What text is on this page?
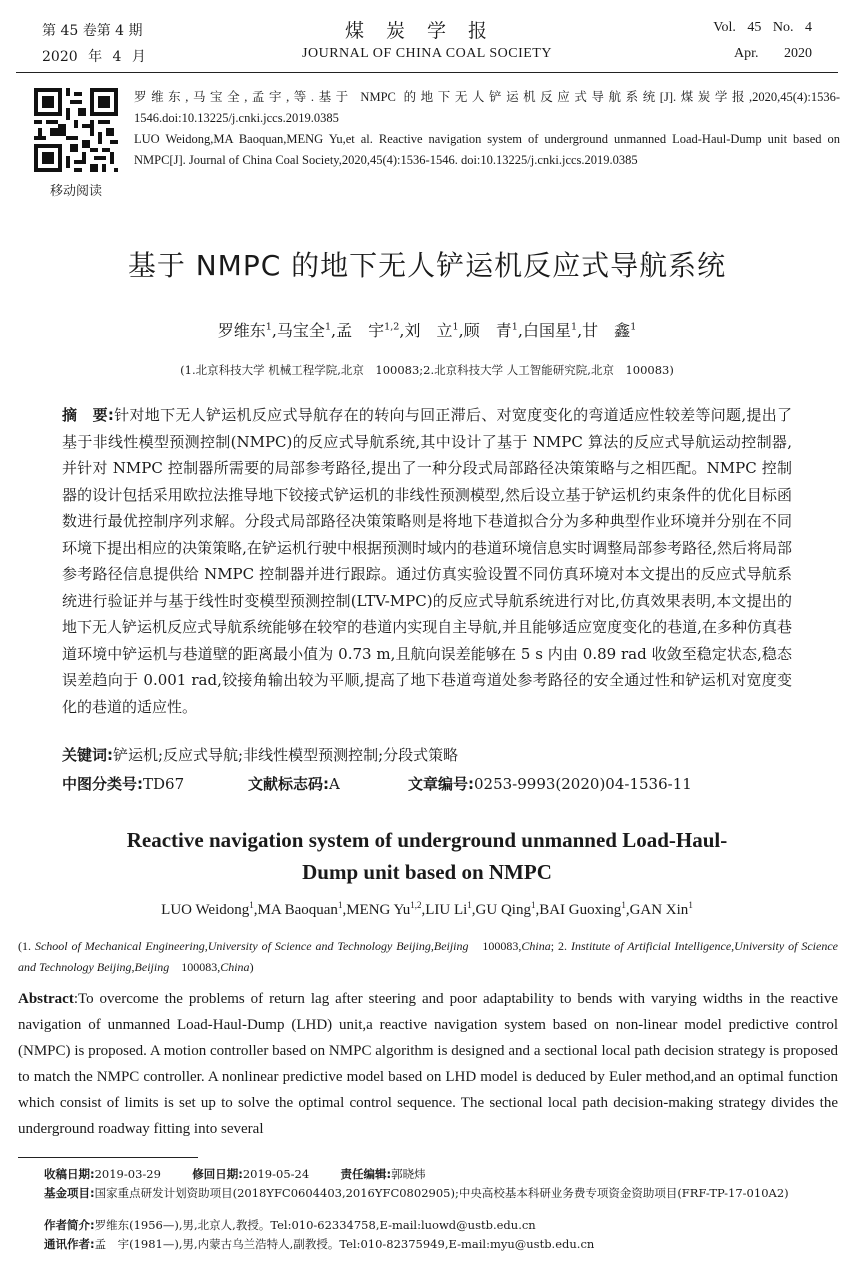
第 45 卷第 4 期
2020 年 4 月
煤炭学报
JOURNAL OF CHINA COAL SOCIETY
Vol. 45 No. 4
Apr. 2020
移动阅读
罗维东,马宝全,孟宇,等.基于 NMPC 的地下无人铲运机反应式导航系统[J].煤炭学报,2020,45(4):1536-1546.doi:10.13225/j.cnki.jccs.2019.0385
LUO Weidong,MA Baoquan,MENG Yu,et al. Reactive navigation system of underground unmanned Load-Haul-Dump unit based on NMPC[J]. Journal of China Coal Society,2020,45(4):1536-1546. doi:10.13225/j.cnki.jccs.2019.0385
基于 NMPC 的地下无人铲运机反应式导航系统
罗维东$^1$,马宝全$^1$,孟　宇$^{1,2}$,刘　立$^1$,顾　青$^1$,白国星$^1$,甘　鑫$^1$
(1.北京科技大学 机械工程学院,北京　100083;2.北京科技大学 人工智能研究院,北京　100083)
摘　要:针对地下无人铲运机反应式导航存在的转向与回正滞后、对宽度变化的弯道适应性较差等问题,提出了基于非线性模型预测控制(NMPC)的反应式导航系统,其中设计了基于 NMPC 算法的反应式导航运动控制器,并针对 NMPC 控制器所需要的局部参考路径,提出了一种分段式局部路径决策策略与之相匹配。NMPC 控制器的设计包括采用欧拉法推导地下铰接式铲运机的非线性预测模型,然后设立基于铲运机约束条件的优化目标函数进行最优控制序列求解。分段式局部路径决策策略则是将地下巷道拟合分为多种典型作业环境并分别在不同环境下提出相应的决策策略,在铲运机行驶中根据预测时域内的巷道环境信息实时调整局部参考路径,然后将局部参考路径信息提供给 NMPC 控制器并进行跟踪。通过仿真实验设置不同仿真环境对本文提出的反应式导航系统进行验证并与基于线性时变模型预测控制(LTV-MPC)的反应式导航系统进行对比,仿真效果表明,本文提出的地下无人铲运机反应式导航系统能够在较窄的巷道内实现自主导航,并且能够适应宽度变化的巷道,在多种仿真巷道环境中铲运机与巷道壁的距离最小值为 0.73 m,且航向误差能够在 5 s 内由 0.89 rad 收敛至稳定状态,稳态误差趋向于 0.001 rad,铰接角输出较为平顺,提高了地下巷道弯道处参考路径的安全通过性和铲运机对宽度变化的巷道的适应性。
关键词:铲运机;反应式导航;非线性模型预测控制;分段式策略
中图分类号:TD67	文献标志码:A	文章编号:0253-9993(2020)04-1536-11
Reactive navigation system of underground unmanned Load-Haul-
Dump unit based on NMPC
LUO Weidong$^1$,MA Baoquan$^1$,MENG Yu$^{1,2}$,LIU Li$^1$,GU Qing$^1$,BAI Guoxing$^1$,GAN Xin$^1$
(1. School of Mechanical Engineering,University of Science and Technology Beijing,Beijing　100083,China; 2. Institute of Artificial Intelligence,University of Science and Technology Beijing,Beijing　100083,China)
Abstract:To overcome the problems of return lag after steering and poor adaptability to bends with varying widths in the reactive navigation of unmanned Load-Haul-Dump (LHD) unit,a reactive navigation system based on non-linear model predictive control (NMPC) is proposed. A motion controller based on NMPC algorithm is designed and a sectional local path decision strategy is proposed to match the NMPC controller. A nonlinear predictive model based on LHD model is deduced by Euler method,and an optimal function which consist of limits is set up to solve the optimal control sequence. The sectional local path decision-making strategy divides the underground roadway fitting into several
收稿日期:2019-03-29	修回日期:2019-05-24	责任编辑:郭晓炜
基金项目:国家重点研发计划资助项目(2018YFC0604403,2016YFC0802905);中央高校基本科研业务费专项资金资助项目(FRF-TP-17-010A2)
作者简介:罗维东(1956—),男,北京人,教授。Tel:010-62334758,E-mail:luowd@ustb.edu.cn
通讯作者:孟　宇(1981—),男,内蒙古乌兰浩特人,副教授。Tel:010-82375949,E-mail:myu@ustb.edu.cn
